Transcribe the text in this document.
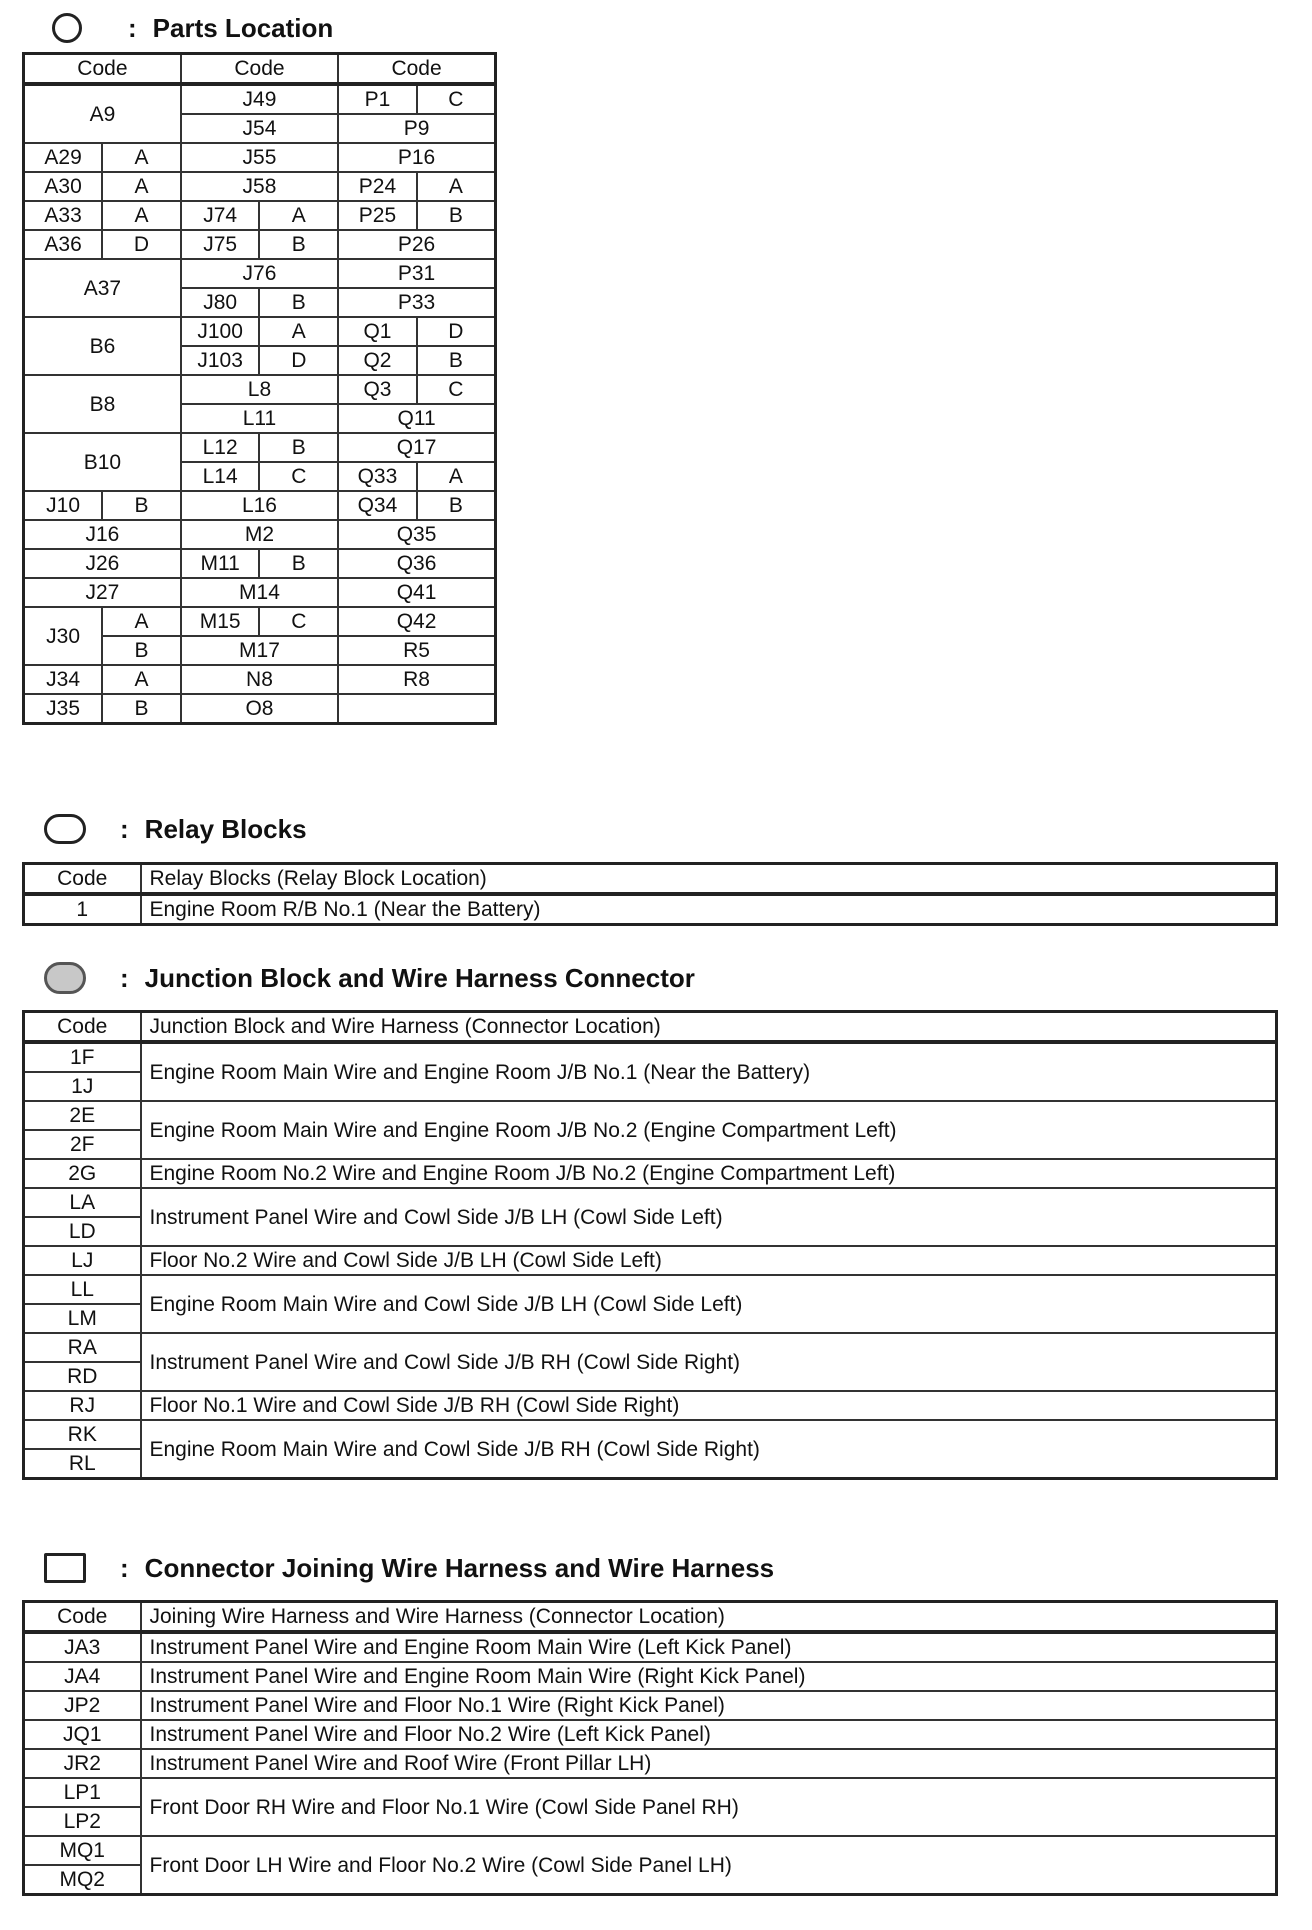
: Parts Location
Code		Code		Code	
A9		J49		P1	C
		J54		P9	
A29	A	J55		P16	
A30	A	J58		P24	A
A33	A	J74	A	P25	B
A36	D	J75	B	P26	
A37		J76		P31	
		J80	B	P33	
B6		J100	A	Q1	D
		J103	D	Q2	B
B8		L8		Q3	C
		L11		Q11	
B10		L12	B	Q17	
		L14	C	Q33	A
J10	B	L16		Q34	B
J16		M2		Q35	
J26		M11	B	Q36	
J27		M14		Q41	
J30	A	M15	C	Q42	
	B	M17		R5	
J34	A	N8		R8	
J35	B	O8			
: Relay Blocks
Code	Relay Blocks (Relay Block Location)
1	Engine Room R/B No.1 (Near the Battery)
: Junction Block and Wire Harness Connector
Code	Junction Block and Wire Harness (Connector Location)
1F	Engine Room Main Wire and Engine Room J/B No.1 (Near the Battery)
1J	
2E	Engine Room Main Wire and Engine Room J/B No.2 (Engine Compartment Left)
2F	
2G	Engine Room No.2 Wire and Engine Room J/B No.2 (Engine Compartment Left)
LA	Instrument Panel Wire and Cowl Side J/B LH (Cowl Side Left)
LD	
LJ	Floor No.2 Wire and Cowl Side J/B LH (Cowl Side Left)
LL	Engine Room Main Wire and Cowl Side J/B LH (Cowl Side Left)
LM	
RA	Instrument Panel Wire and Cowl Side J/B RH (Cowl Side Right)
RD	
RJ	Floor No.1 Wire and Cowl Side J/B RH (Cowl Side Right)
RK	Engine Room Main Wire and Cowl Side J/B RH (Cowl Side Right)
RL	
: Connector Joining Wire Harness and Wire Harness
Code	Joining Wire Harness and Wire Harness (Connector Location)
JA3	Instrument Panel Wire and Engine Room Main Wire (Left Kick Panel)
JA4	Instrument Panel Wire and Engine Room Main Wire (Right Kick Panel)
JP2	Instrument Panel Wire and Floor No.1 Wire (Right Kick Panel)
JQ1	Instrument Panel Wire and Floor No.2 Wire (Left Kick Panel)
JR2	Instrument Panel Wire and Roof Wire (Front Pillar LH)
LP1	Front Door RH Wire and Floor No.1 Wire (Cowl Side Panel RH)
LP2	
MQ1	Front Door LH Wire and Floor No.2 Wire (Cowl Side Panel LH)
MQ2	
